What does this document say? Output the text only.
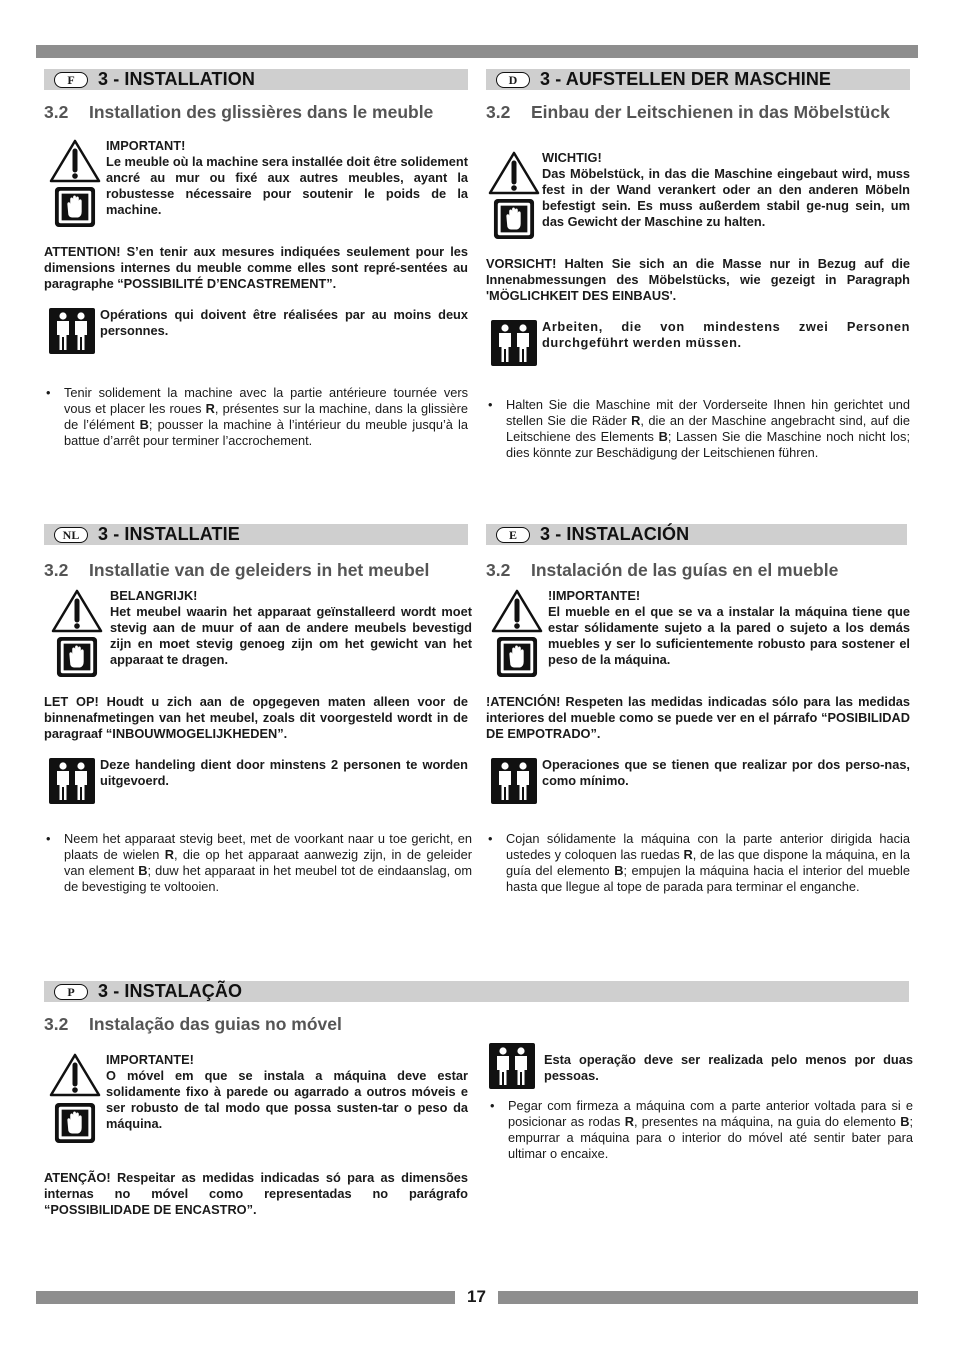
F	3 - INSTALLATION
3.2	Installation des glissières dans le meuble
IMPORTANT!
Le meuble où la machine sera installée doit être solidement ancré au mur ou fixé aux autres meubles, ayant la robustesse nécessaire pour soutenir le poids de la machine.
ATTENTION! S’en tenir aux mesures indiquées seulement pour les dimensions internes du meuble comme elles sont repré-sentées au paragraphe “POSSIBILITÉ D’ENCASTREMENT”.
Opérations qui doivent être réalisées par au moins deux personnes.
•	Tenir solidement la machine avec la partie antérieure tournée vers vous et placer les roues R, présentes sur la machine, dans la glissière de l’élément B; pousser la machine à l’intérieur du meuble jusqu’à la battue d’arrêt pour terminer l’accrochement.
D	3 - AUFSTELLEN DER MASCHINE
3.2	Einbau der Leitschienen in das Möbelstück
WICHTIG!
Das Möbelstück, in das die Maschine eingebaut wird, muss fest in der Wand verankert oder an den anderen Möbeln befestigt sein. Es muss außerdem stabil ge-nug sein, um das Gewicht der Maschine zu halten.
VORSICHT! Halten Sie sich an die Masse nur in Bezug auf die Innenabmessungen des Möbelstücks, wie gezeigt in Paragraph 'MÖGLICHKEIT DES EINBAUS'.
Arbeiten, die von mindestens zwei Personen durchgeführt werden müssen.
•	Halten Sie die Maschine mit der Vorderseite Ihnen hin gerichtet und stellen Sie die Räder R, die an der Maschine angebracht sind, auf die Leitschiene des Elements B; Lassen Sie die Maschine noch nicht los; dies könnte zur Beschädigung der Leitschienen führen.
NL	3 - INSTALLATIE
3.2	Installatie van de geleiders in het meubel
BELANGRIJK!
Het meubel waarin het apparaat geïnstalleerd wordt moet stevig aan de muur of aan de andere meubels bevestigd zijn en moet stevig genoeg zijn om het gewicht van het apparaat te dragen.
LET OP! Houdt u zich aan de opgegeven maten alleen voor de binnenafmetingen van het meubel, zoals dit voorgesteld wordt in de paragraaf “INBOUWMOGELIJKHEDEN”.
Deze handeling dient door minstens 2 personen te worden uitgevoerd.
•	Neem het apparaat stevig beet, met de voorkant naar u toe gericht, en plaats de wielen R, die op het apparaat aanwezig zijn, in de geleider van element B; duw het apparaat in het meubel tot de eindaanslag, om de bevestiging te voltooien.
E	3 - INSTALACIÓN
3.2	Instalación de las guías en el mueble
!IMPORTANTE!
El mueble en el que se va a instalar la máquina tiene que estar sólidamente sujeto a la pared o sujeto a los demás muebles y ser lo suficientemente robusto para sostener el peso de la máquina.
!ATENCIÓN! Respeten las medidas indicadas sólo para las medidas interiores del mueble como se puede ver en el párrafo “POSIBILIDAD DE EMPOTRADO”.
Operaciones que se tienen que realizar por dos perso-nas, como mínimo.
•	Cojan sólidamente la máquina con la parte anterior dirigida hacia ustedes y coloquen las ruedas R, de las que dispone la máquina, en la guía del elemento B; empujen la máquina hacia el interior del mueble hasta que llegue al tope de parada para terminar el enganche.
P	3 - INSTALAÇÃO
3.2	Instalação das guias no móvel
IMPORTANTE!
O móvel em que se instala a máquina deve estar solidamente fixo à parede ou agarrado a outros móveis e ser robusto de tal modo que possa susten-tar o peso da máquina.
ATENÇÃO! Respeitar as medidas indicadas só para as dimensões internas no móvel como representadas no parágrafo “POSSIBILIDADE DE ENCASTRO”.
Esta operação deve ser realizada pelo menos por duas pessoas.
•	Pegar com firmeza a máquina com a parte anterior voltada para si e posicionar as rodas R, presentes na máquina, na guia do elemento B; empurrar a máquina para o interior do móvel até sentir bater para ultimar o encaixe.
17
